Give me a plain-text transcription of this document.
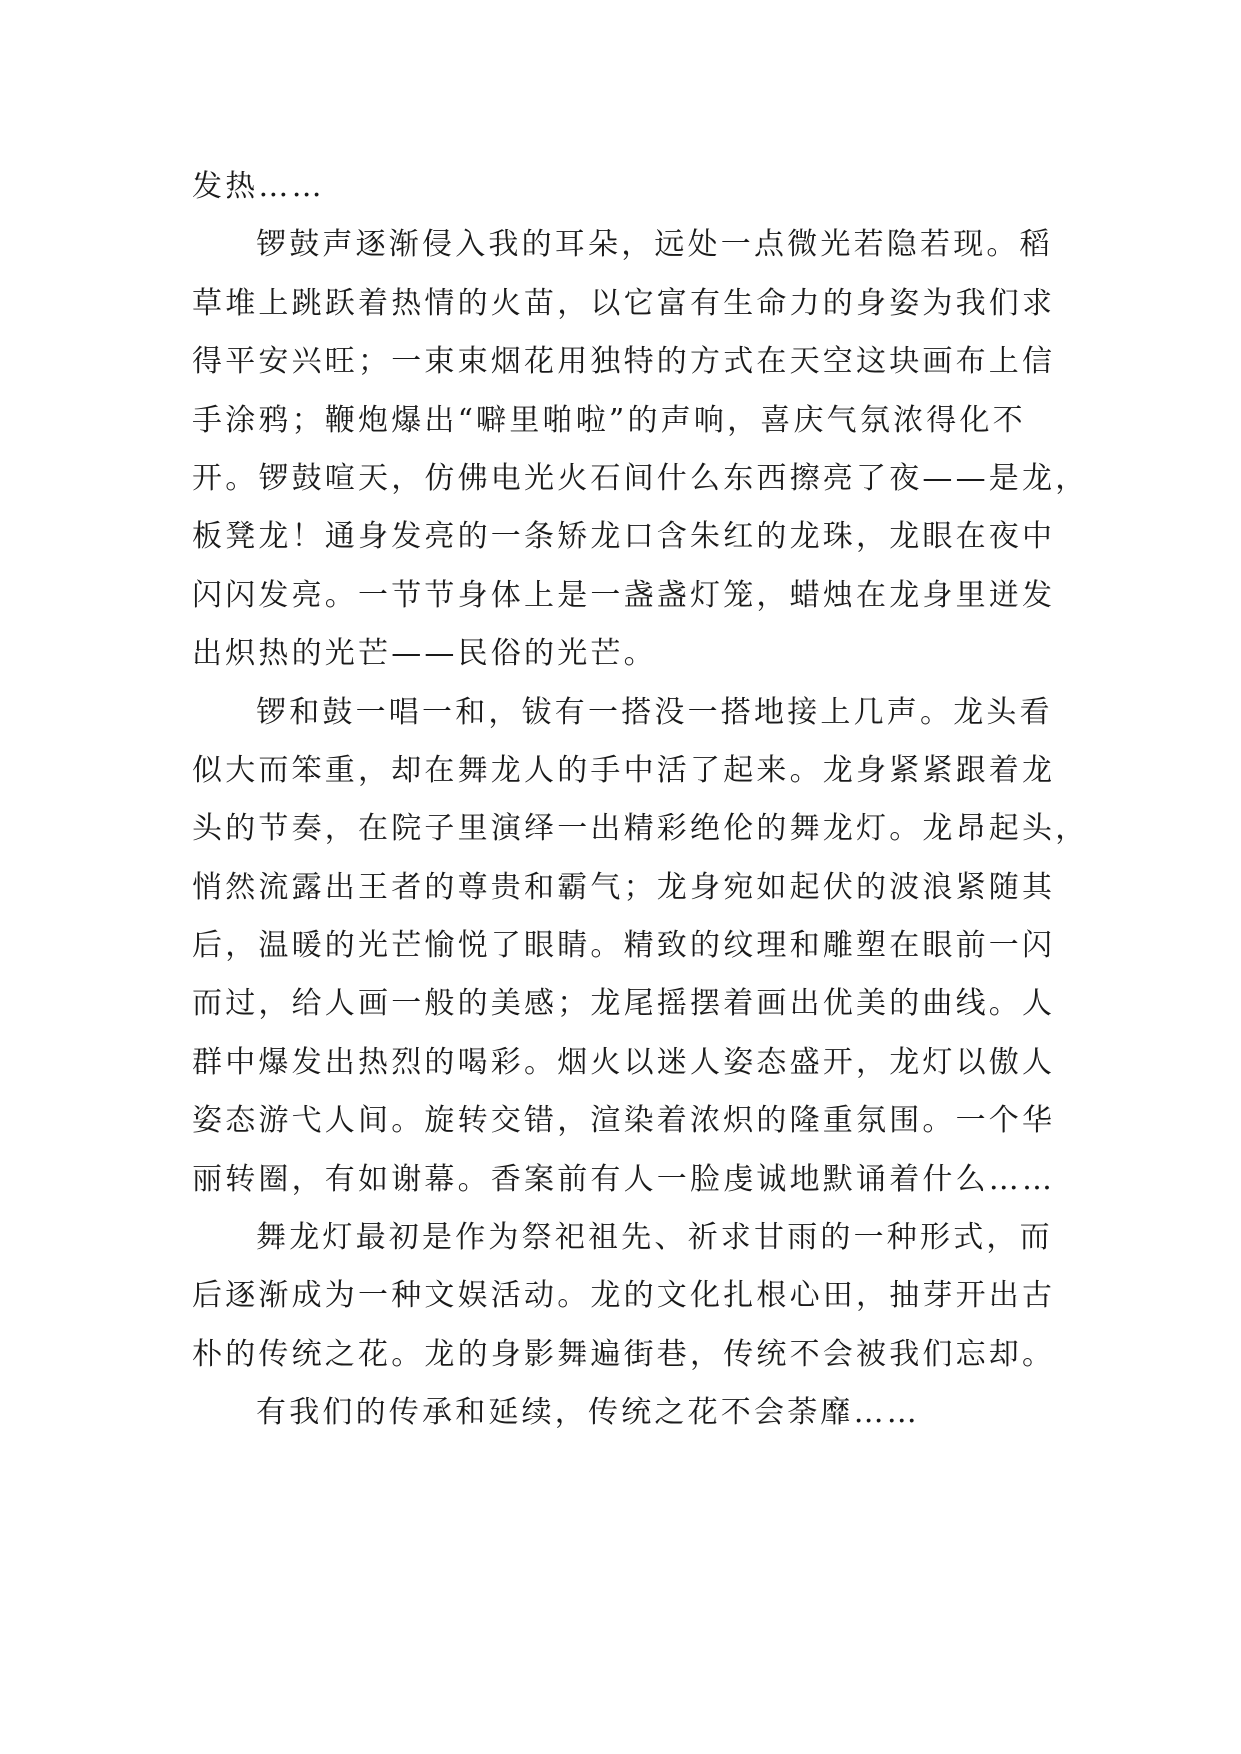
发热……
锣鼓声逐渐侵入我的耳朵，远处一点微光若隐若现。稻
草堆上跳跃着热情的火苗，以它富有生命力的身姿为我们求
得平安兴旺；一束束烟花用独特的方式在天空这块画布上信
手涂鸦；鞭炮爆出“噼里啪啦”的声响，喜庆气氛浓得化不
开。锣鼓喧天，仿佛电光火石间什么东西擦亮了夜——是龙，
板凳龙！通身发亮的一条矫龙口含朱红的龙珠，龙眼在夜中
闪闪发亮。一节节身体上是一盏盏灯笼，蜡烛在龙身里迸发
出炽热的光芒——民俗的光芒。
锣和鼓一唱一和，钹有一搭没一搭地接上几声。龙头看
似大而笨重，却在舞龙人的手中活了起来。龙身紧紧跟着龙
头的节奏，在院子里演绎一出精彩绝伦的舞龙灯。龙昂起头，
悄然流露出王者的尊贵和霸气；龙身宛如起伏的波浪紧随其
后，温暖的光芒愉悦了眼睛。精致的纹理和雕塑在眼前一闪
而过，给人画一般的美感；龙尾摇摆着画出优美的曲线。人
群中爆发出热烈的喝彩。烟火以迷人姿态盛开，龙灯以傲人
姿态游弋人间。旋转交错，渲染着浓炽的隆重氛围。一个华
丽转圈，有如谢幕。香案前有人一脸虔诚地默诵着什么……
舞龙灯最初是作为祭祀祖先、祈求甘雨的一种形式，而
后逐渐成为一种文娱活动。龙的文化扎根心田，抽芽开出古
朴的传统之花。龙的身影舞遍街巷，传统不会被我们忘却。
有我们的传承和延续，传统之花不会荼靡……
